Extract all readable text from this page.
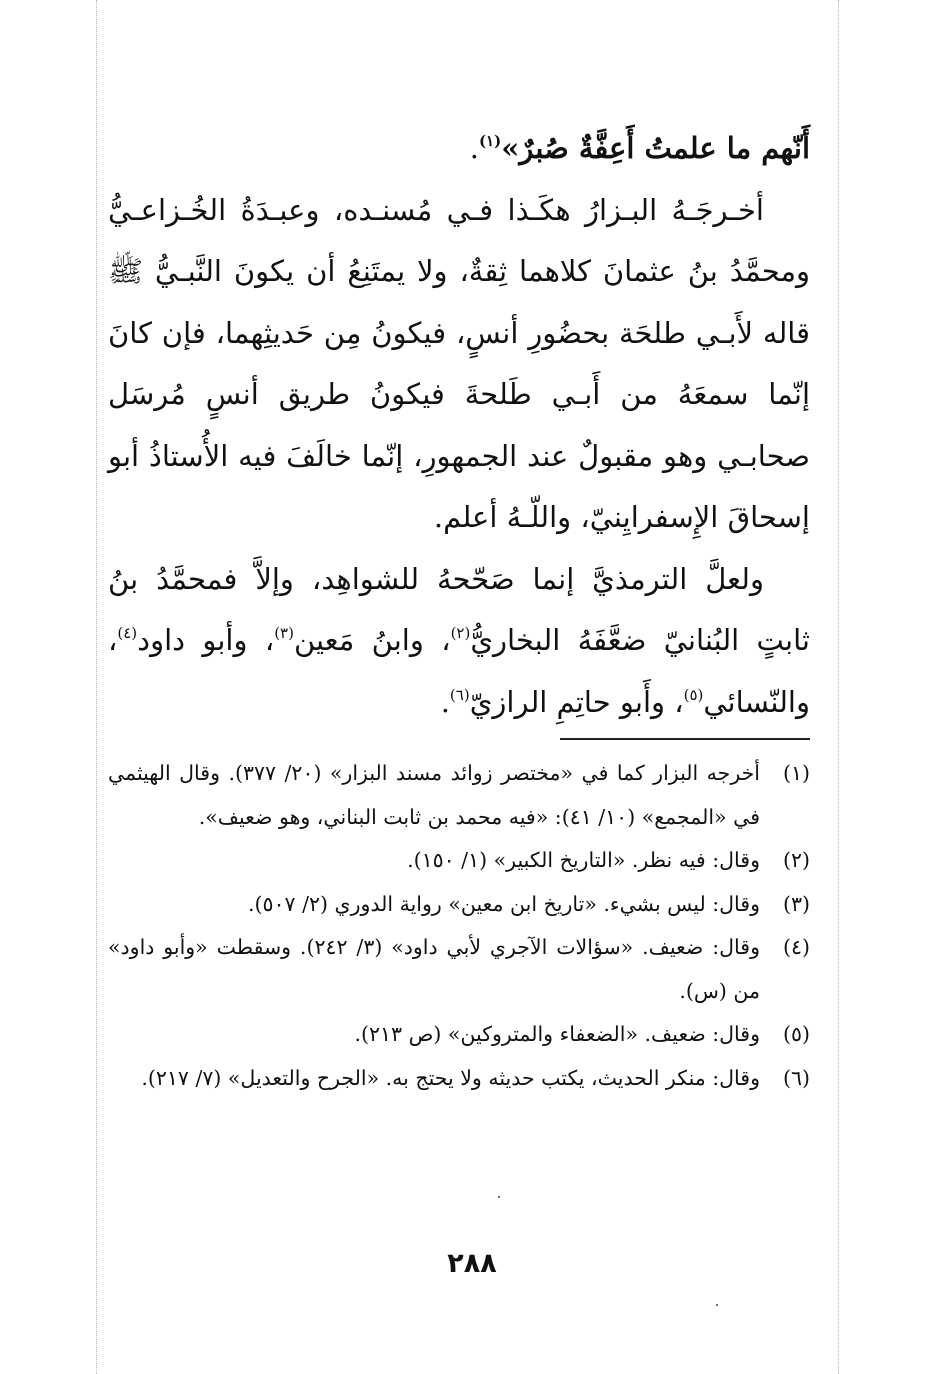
أَنّهم ما علمتُ أَعِفَّةٌ صُبرٌ»$^{(١)}$.

أخـرجَـهُ البـزارُ هكَـذا فـي مُسنـده، وعبـدَةُ الخُـزاعـيُّ ومحمَّدُ بنُ عثمانَ كلاهما ثِقةٌ، ولا يمتَنِعُ أن يكونَ النَّبـيُّ ﷺ قاله لأَبـي طلحَة بحضُورِ أنسٍ، فيكونُ مِن حَديثِهما، فإن كانَ إنّما سمعَهُ من أَبـي طَلحةَ فيكونُ طريق أنسٍ مُرسَل صحابـي وهو مقبولٌ عند الجمهورِ، إنّما خالَفَ فيه الأُستاذُ أبو إسحاقَ الإِسفرايِنيّ، واللّـهُ أعلم.

ولعلَّ الترمذيَّ إنما صَحّحهُ للشواهِد، وإلاَّ فمحمَّدُ بنُ ثابتٍ البُنانيّ ضعَّفَهُ البخاريُّ$^{(٢)}$، وابنُ مَعين$^{(٣)}$، وأبو داود$^{(٤)}$، والنّسائي$^{(٥)}$، وأَبو حاتِمِ الرازيّ$^{(٦)}$.

(١)
أخرجه البزار كما في «مختصر زوائد مسند البزار» (٢٠/ ٣٧٧). وقال الهيثمي في «المجمع» (١٠/ ٤١): «فيه محمد بن ثابت البناني، وهو ضعيف».
(٢)
وقال: فيه نظر. «التاريخ الكبير» (١/ ١٥٠).
(٣)
وقال: ليس بشيء. «تاريخ ابن معين» رواية الدوري (٢/ ٥٠٧).
(٤)
وقال: ضعيف. «سؤالات الآجري لأبي داود» (٣/ ٢٤٢). وسقطت «وأبو داود» من (س).
(٥)
وقال: ضعيف. «الضعفاء والمتروكين» (ص ٢١٣).
(٦)
وقال: منكر الحديث، يكتب حديثه ولا يحتج به. «الجرح والتعديل» (٧/ ٢١٧).
٢٨٨
